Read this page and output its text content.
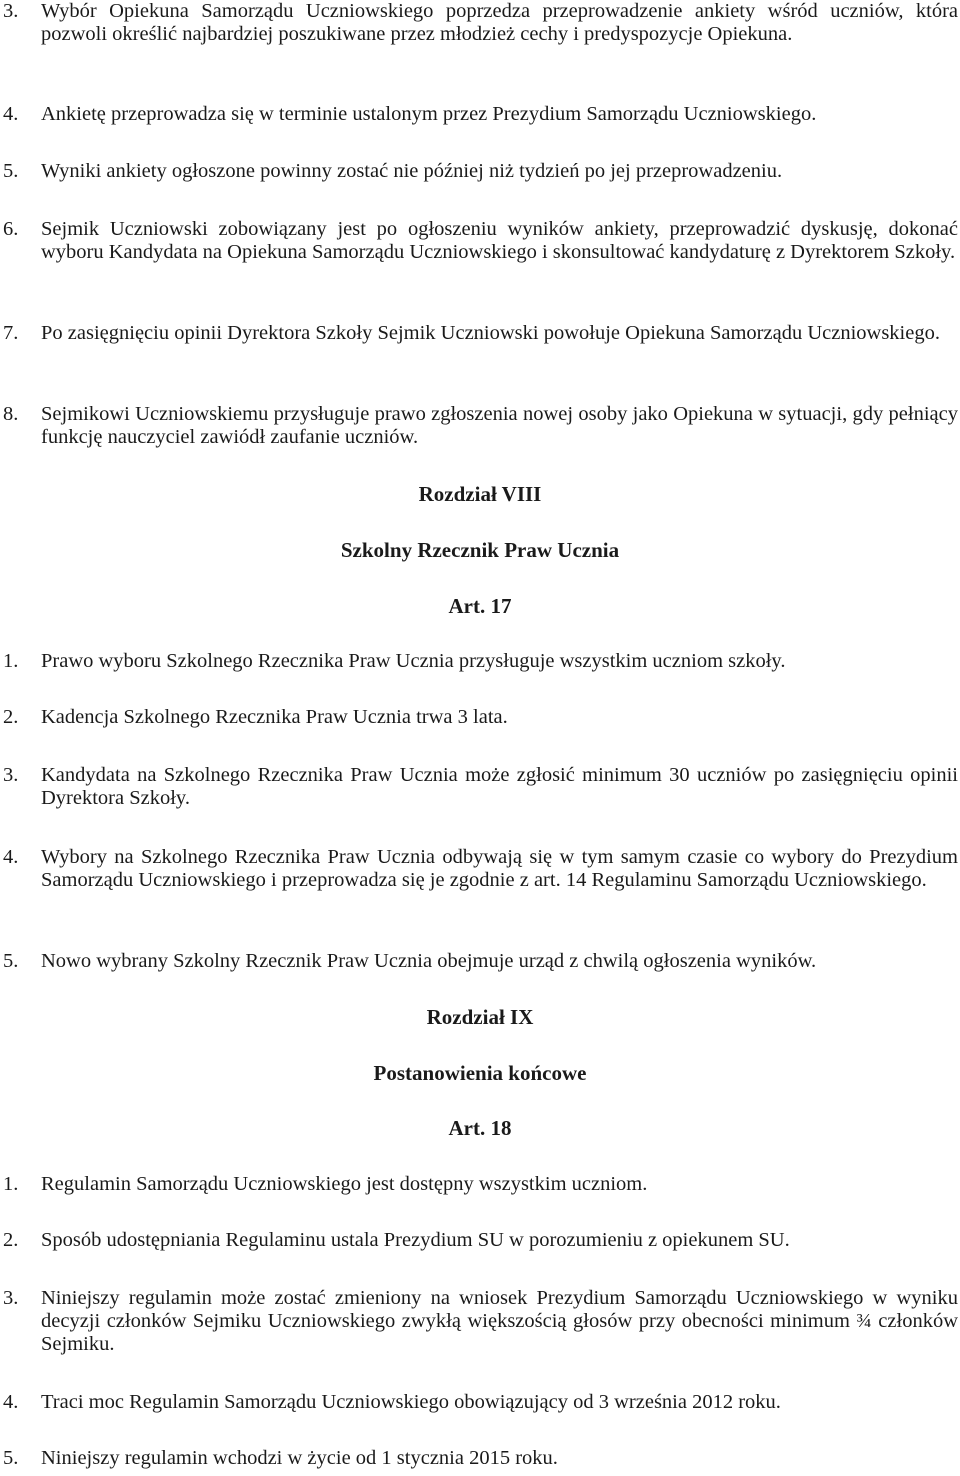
3.	Wybór Opiekuna Samorządu Uczniowskiego poprzedza przeprowadzenie ankiety wśród uczniów, która pozwoli określić najbardziej poszukiwane przez młodzież cechy i predyspozycje Opiekuna.
4.	Ankietę przeprowadza się w terminie ustalonym przez Prezydium Samorządu Uczniowskiego.
5.	Wyniki ankiety ogłoszone powinny zostać nie później niż tydzień po jej przeprowadzeniu.
6.	Sejmik Uczniowski zobowiązany jest po ogłoszeniu wyników ankiety, przeprowadzić dyskusję, dokonać wyboru Kandydata na Opiekuna Samorządu Uczniowskiego i skonsultować kandydaturę z Dyrektorem Szkoły.
7.	Po zasięgnięciu opinii Dyrektora Szkoły Sejmik Uczniowski powołuje Opiekuna Samorządu Uczniowskiego.
8.	Sejmikowi Uczniowskiemu przysługuje prawo zgłoszenia nowej osoby jako Opiekuna w sytuacji, gdy pełniący funkcję nauczyciel zawiódł zaufanie uczniów.
Rozdział VIII
Szkolny Rzecznik Praw Ucznia
Art. 17
1.	Prawo wyboru Szkolnego Rzecznika Praw Ucznia przysługuje wszystkim uczniom szkoły.
2.	Kadencja Szkolnego Rzecznika Praw Ucznia trwa 3 lata.
3.	Kandydata na Szkolnego Rzecznika Praw Ucznia może zgłosić minimum 30 uczniów po zasięgnięciu opinii Dyrektora Szkoły.
4.	Wybory na Szkolnego Rzecznika Praw Ucznia odbywają się w tym samym czasie co wybory do Prezydium Samorządu Uczniowskiego i przeprowadza się je zgodnie z art. 14 Regulaminu Samorządu Uczniowskiego.
5.	Nowo wybrany Szkolny Rzecznik Praw Ucznia obejmuje urząd z chwilą ogłoszenia wyników.
Rozdział IX
Postanowienia końcowe
Art. 18
1.	Regulamin Samorządu Uczniowskiego jest dostępny wszystkim uczniom.
2.	Sposób udostępniania Regulaminu ustala Prezydium SU w porozumieniu z opiekunem SU.
3.	Niniejszy regulamin może zostać zmieniony na wniosek Prezydium Samorządu Uczniowskiego w wyniku decyzji członków Sejmiku Uczniowskiego zwykłą większością głosów przy obecności minimum ¾ członków Sejmiku.
4.	Traci moc Regulamin Samorządu Uczniowskiego obowiązujący od 3 września 2012 roku.
5.	Niniejszy regulamin wchodzi w życie od 1 stycznia 2015 roku.
